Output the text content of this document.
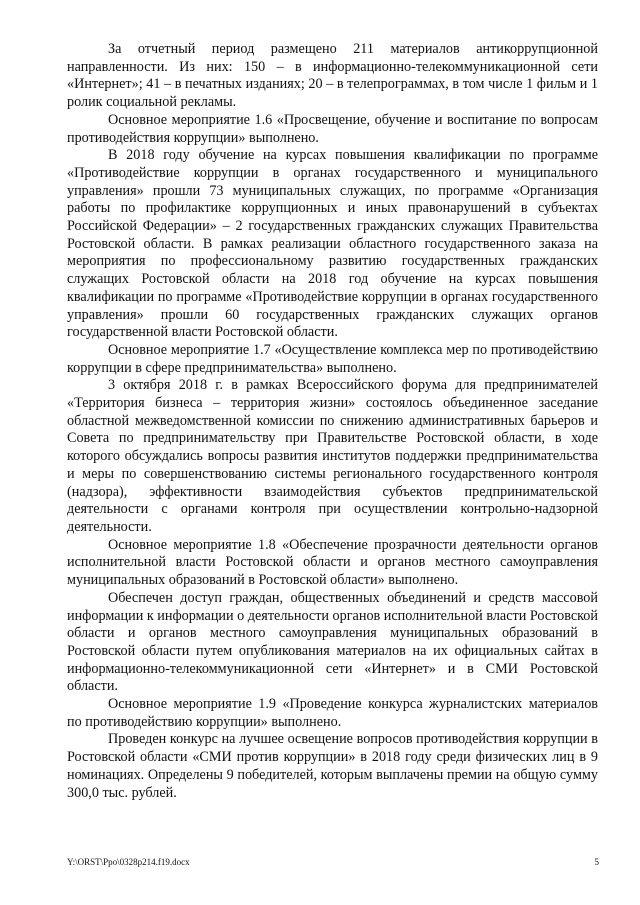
За отчетный период размещено 211 материалов антикоррупционной направленности. Из них: 150 – в информационно-телекоммуникационной сети «Интернет»; 41 – в печатных изданиях; 20 – в телепрограммах, в том числе 1 фильм и 1 ролик социальной рекламы.

Основное мероприятие 1.6 «Просвещение, обучение и воспитание по вопросам противодействия коррупции» выполнено.

В 2018 году обучение на курсах повышения квалификации по программе «Противодействие коррупции в органах государственного и муниципального управления» прошли 73 муниципальных служащих, по программе «Организация работы по профилактике коррупционных и иных правонарушений в субъектах Российской Федерации» – 2 государственных гражданских служащих Правительства Ростовской области. В рамках реализации областного государственного заказа на мероприятия по профессиональному развитию государственных гражданских служащих Ростовской области на 2018 год обучение на курсах повышения квалификации по программе «Противодействие коррупции в органах государственного управления» прошли 60 государственных гражданских служащих органов государственной власти Ростовской области.

Основное мероприятие 1.7 «Осуществление комплекса мер по противодействию коррупции в сфере предпринимательства» выполнено.

3 октября 2018 г. в рамках Всероссийского форума для предпринимателей «Территория бизнеса – территория жизни» состоялось объединенное заседание областной межведомственной комиссии по снижению административных барьеров и Совета по предпринимательству при Правительстве Ростовской области, в ходе которого обсуждались вопросы развития институтов поддержки предпринимательства и меры по совершенствованию системы регионального государственного контроля (надзора), эффективности взаимодействия субъектов предпринимательской деятельности с органами контроля при осуществлении контрольно-надзорной деятельности.

Основное мероприятие 1.8 «Обеспечение прозрачности деятельности органов исполнительной власти Ростовской области и органов местного самоуправления муниципальных образований в Ростовской области» выполнено.

Обеспечен доступ граждан, общественных объединений и средств массовой информации к информации о деятельности органов исполнительной власти Ростовской области и органов местного самоуправления муниципальных образований в Ростовской области путем опубликования материалов на их официальных сайтах в информационно-телекоммуникационной сети «Интернет» и в СМИ Ростовской области.

Основное мероприятие 1.9 «Проведение конкурса журналистских материалов по противодействию коррупции» выполнено.

Проведен конкурс на лучшее освещение вопросов противодействия коррупции в Ростовской области «СМИ против коррупции» в 2018 году среди физических лиц в 9 номинациях. Определены 9 победителей, которым выплачены премии на общую сумму 300,0 тыс. рублей.

Y:\ORST\Ppo\0328p214.f19.docx	5
